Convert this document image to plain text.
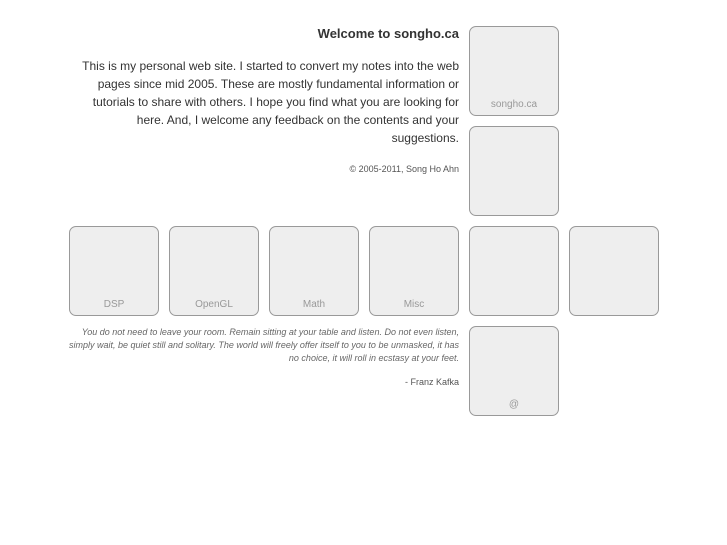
Welcome to songho.ca

This is my personal web site. I started to convert my notes into the web pages since mid 2005. These are mostly fundamental information or tutorials to share with others. I hope you find what you are looking for here. And, I welcome any feedback on the contents and your suggestions.

© 2005-2011, Song Ho Ahn
songho.ca
DSP	OpenGL	Math	Misc

You do not need to leave your room. Remain sitting at your table and listen. Do not even listen, simply wait, be quiet still and solitary. The world will freely offer itself to you to be unmasked, it has no choice, it will roll in ecstasy at your feet.

- Franz Kafka
@
